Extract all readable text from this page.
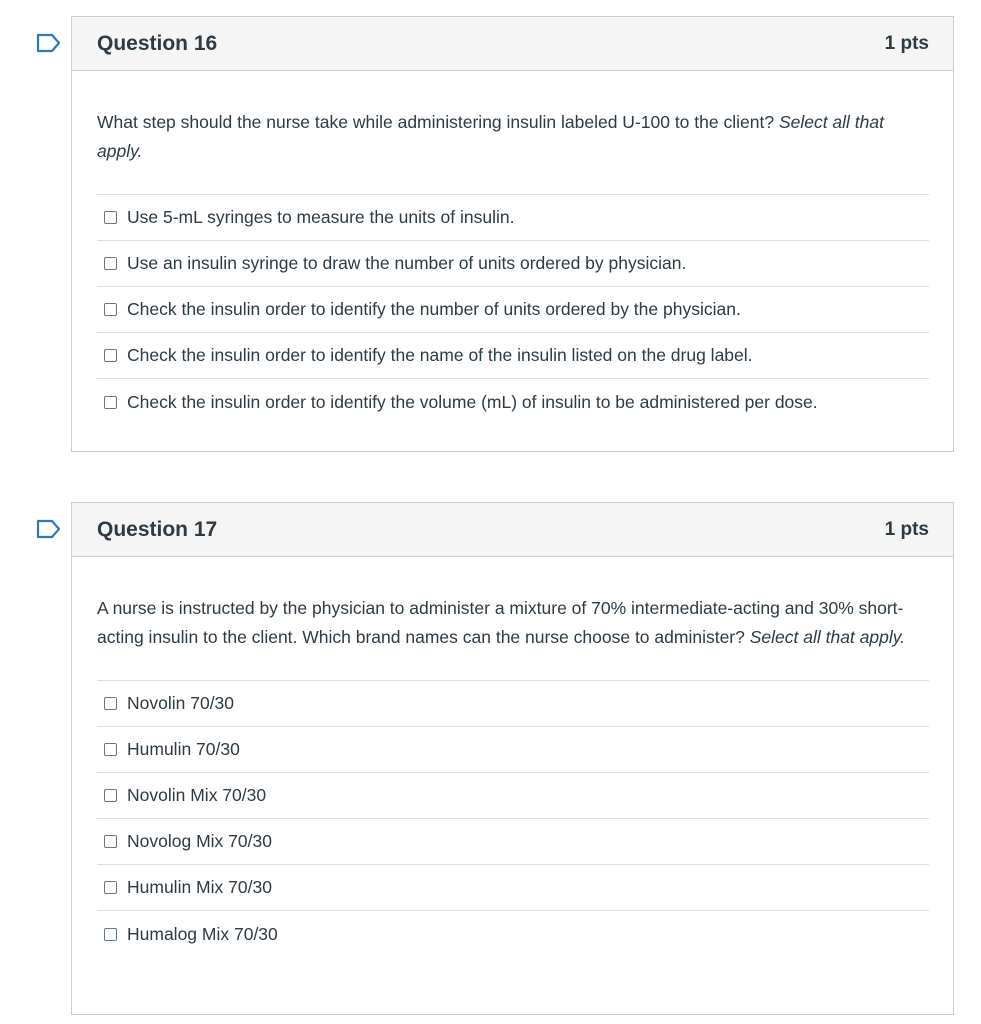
Question 16	1 pts

What step should the nurse take while administering insulin labeled U-100 to the client? Select all that apply.

Use 5-mL syringes to measure the units of insulin.
Use an insulin syringe to draw the number of units ordered by physician.
Check the insulin order to identify the number of units ordered by the physician.
Check the insulin order to identify the name of the insulin listed on the drug label.
Check the insulin order to identify the volume (mL) of insulin to be administered per dose.
Question 17	1 pts

A nurse is instructed by the physician to administer a mixture of 70% intermediate-acting and 30% short-acting insulin to the client. Which brand names can the nurse choose to administer? Select all that apply.

Novolin 70/30
Humulin 70/30
Novolin Mix 70/30
Novolog Mix 70/30
Humulin Mix 70/30
Humalog Mix 70/30
